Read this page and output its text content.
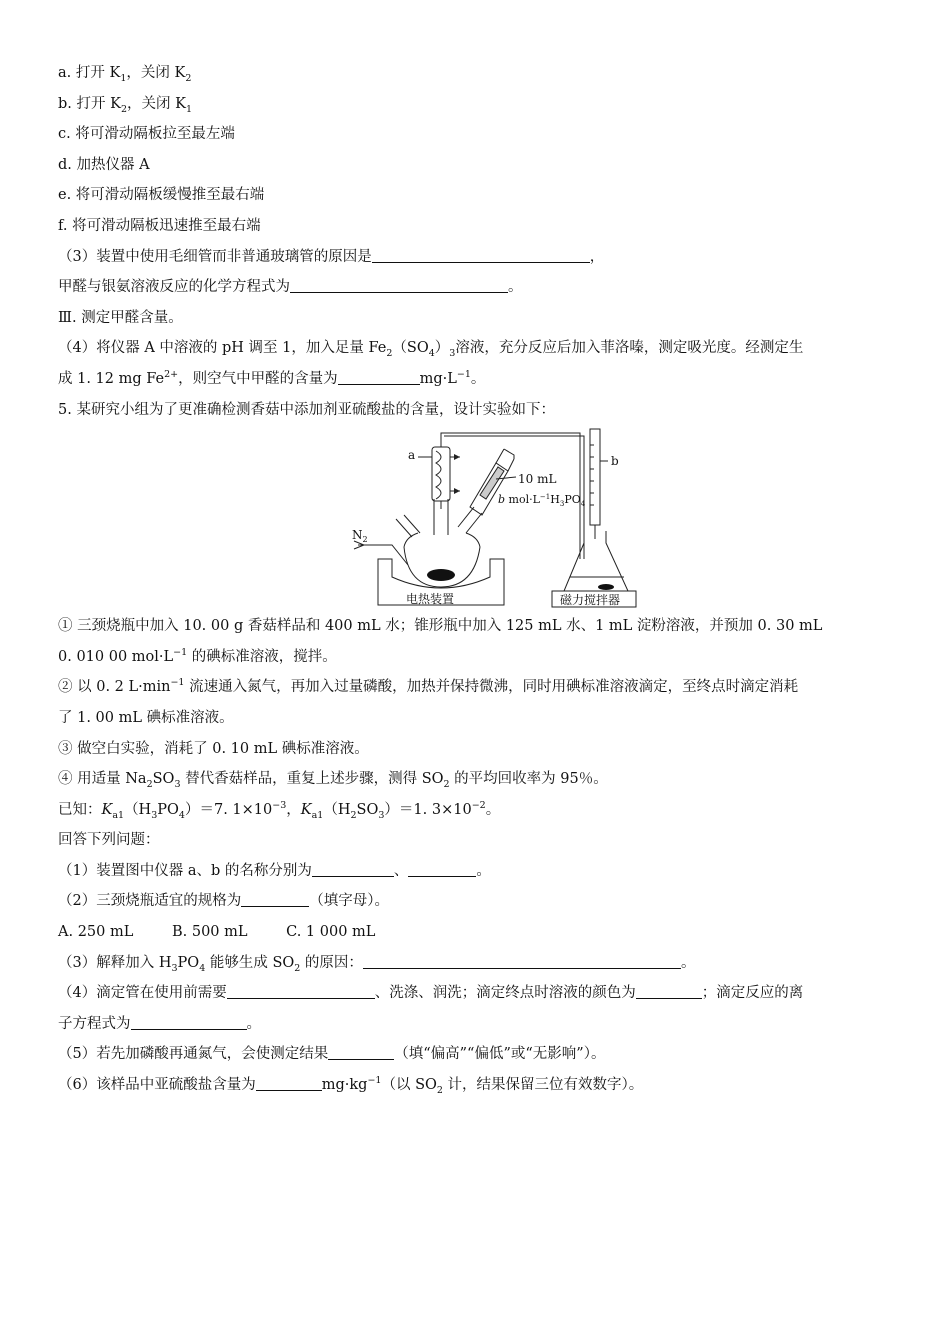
a. 打开 $K_1$，关闭 $K_2$
b. 打开 $K_2$，关闭 $K_1$
c. 将可滑动隔板拉至最左端
d. 加热仪器 A
e. 将可滑动隔板缓慢推至最右端
f. 将可滑动隔板迅速推至最右端
（3）装置中使用毛细管而非普通玻璃管的原因是	，
甲醛与银氨溶液反应的化学方程式为	。
Ⅲ. 测定甲醛含量。
（4）将仪器 A 中溶液的 pH 调至 1，加入足量 $Fe_2(SO_4)_3$溶液，充分反应后加入菲洛嗪，测定吸光度。经测定生
成 1. 12 mg $Fe^{2+}$，则空气中甲醛的含量为	$mg\cdot L^{-1}$。
5. 某研究小组为了更准确检测香菇中添加剂亚硫酸盐的含量，设计实验如下：
a	b
$N_2$
10 mL
b $mol\cdot L^{-1}H_3PO_4$
电热装置	磁力搅拌器
① 三颈烧瓶中加入 10. 00 g 香菇样品和 400 mL 水；锥形瓶中加入 125 mL 水、1 mL 淀粉溶液，并预加 0. 30 mL
0. 010 00 $mol\cdot L^{-1}$ 的碘标准溶液，搅拌。
② 以 0. 2 $L\cdot\min^{-1}$ 流速通入氮气，再加入过量磷酸，加热并保持微沸，同时用碘标准溶液滴定，至终点时滴定消耗
了 1. 00 mL 碘标准溶液。
③ 做空白实验，消耗了 0. 10 mL 碘标准溶液。
④ 用适量 $Na_2SO_3$ 替代香菇样品，重复上述步骤，测得 $SO_2$ 的平均回收率为 95％。
已知：$K_{a1}(H_3PO_4)=7$. $1\times 10^{-3}$，$K_{a1}(H_2SO_3)=1$. $3\times 10^{-2}$。
回答下列问题：
（1）装置图中仪器 a、b 的名称分别为	、	。
（2）三颈烧瓶适宜的规格为	（填字母）。
A. 250 mL	B. 500 mL	C. 1 000 mL
（3）解释加入 $H_3PO_4$ 能够生成 $SO_2$ 的原因：	。
（4）滴定管在使用前需要	、洗涤、润洗；滴定终点时溶液的颜色为	；滴定反应的离
子方程式为	。
（5）若先加磷酸再通氮气，会使测定结果	（填“偏高”“偏低”或“无影响”）。
（6）该样品中亚硫酸盐含量为	$mg\cdot kg^{-1}$（以 $SO_2$ 计，结果保留三位有效数字）。
